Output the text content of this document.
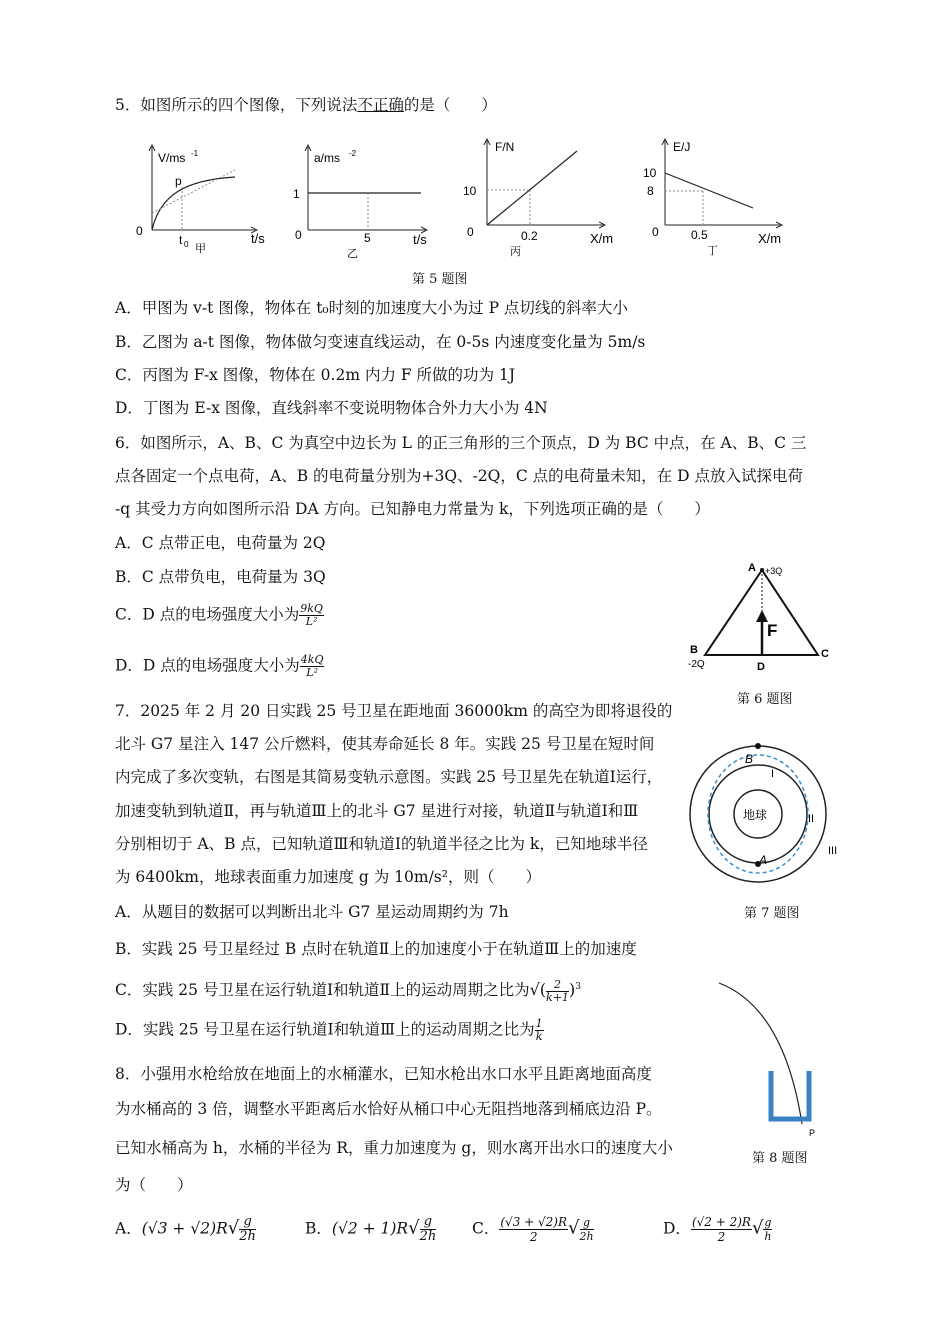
5．如图所示的四个图像，下列说法不正确的是（　　）
V/ms -1
p
0
t 0	t/s
甲
a/ms -2
1
5
0	t/s
乙
F/N
10
0.2
0	X/m
丙
E/J
10
8
0.5
0	X/m
丁
第 5 题图
A．甲图为 v-t 图像，物体在 t₀时刻的加速度大小为过 P 点切线的斜率大小
B．乙图为 a-t 图像，物体做匀变速直线运动，在 0-5s 内速度变化量为 5m/s
C．丙图为 F-x 图像，物体在 0.2m 内力 F 所做的功为 1J
D．丁图为 E-x 图像，直线斜率不变说明物体合外力大小为 4N
6．如图所示，A、B、C 为真空中边长为 L 的正三角形的三个顶点，D 为 BC 中点，在 A、B、C 三
点各固定一个点电荷，A、B 的电荷量分别为+3Q、-2Q，C 点的电荷量未知，在 D 点放入试探电荷
-q 其受力方向如图所示沿 DA 方向。已知静电力常量为 k，下列选项正确的是（　　）
A．C 点带正电，电荷量为 2Q
B．C 点带负电，电荷量为 3Q
C．D 点的电场强度大小为 $\frac{9kQ}{\text{L²}}$
D．D 点的电场强度大小为 $\frac{4kQ}{\text{L²}}$
A +3Q
B
-2Q
C
D
F
第 6 题图
7．2025 年 2 月 20 日实践 25 号卫星在距地面 36000km 的高空为即将退役的
北斗 G7 星注入 147 公斤燃料，使其寿命延长 8 年。实践 25 号卫星在短时间
内完成了多次变轨，右图是其简易变轨示意图。实践 25 号卫星先在轨道Ⅰ运行，
加速变轨到轨道Ⅱ，再与轨道Ⅲ上的北斗 G7 星进行对接，轨道Ⅱ与轨道Ⅰ和Ⅲ
分别相切于 A、B 点，已知轨道Ⅲ和轨道Ⅰ的轨道半径之比为 k，已知地球半径
为 6400km，地球表面重力加速度 g 为 10m/s²，则（　　）
A．从题目的数据可以判断出北斗 G7 星运动周期约为 7h
B．实践 25 号卫星经过 B 点时在轨道Ⅱ上的加速度小于在轨道Ⅲ上的加速度
C．实践 25 号卫星在运行轨道Ⅰ和轨道Ⅱ上的运动周期之比为√( $\frac{2}{k+1} )^3$
D．实践 25 号卫星在运行轨道Ⅰ和轨道Ⅲ上的运动周期之比为 $\frac{1}{k}$
地球
B
A
I
II
III
第 7 题图
8．小强用水枪给放在地面上的水桶灌水，已知水枪出水口水平且距离地面高度
为水桶高的 3 倍，调整水平距离后水恰好从桶口中心无阻挡地落到桶底边沿 P。
已知水桶高为 h，水桶的半径为 R，重力加速度为 g，则水离开出水口的速度大小
为（　　）
P
第 8 题图
A．$(√3 + √2)R√ \frac{g}{2h}$	B．$(√2 + 1)R√ \frac{g}{2h}$ C． $\frac{(√3 + √2)R}{2}$ √ $\frac{g}{2h}$	D． $\frac{(√2 + 2)R}{2}$ √ $\frac{g}{h}$
